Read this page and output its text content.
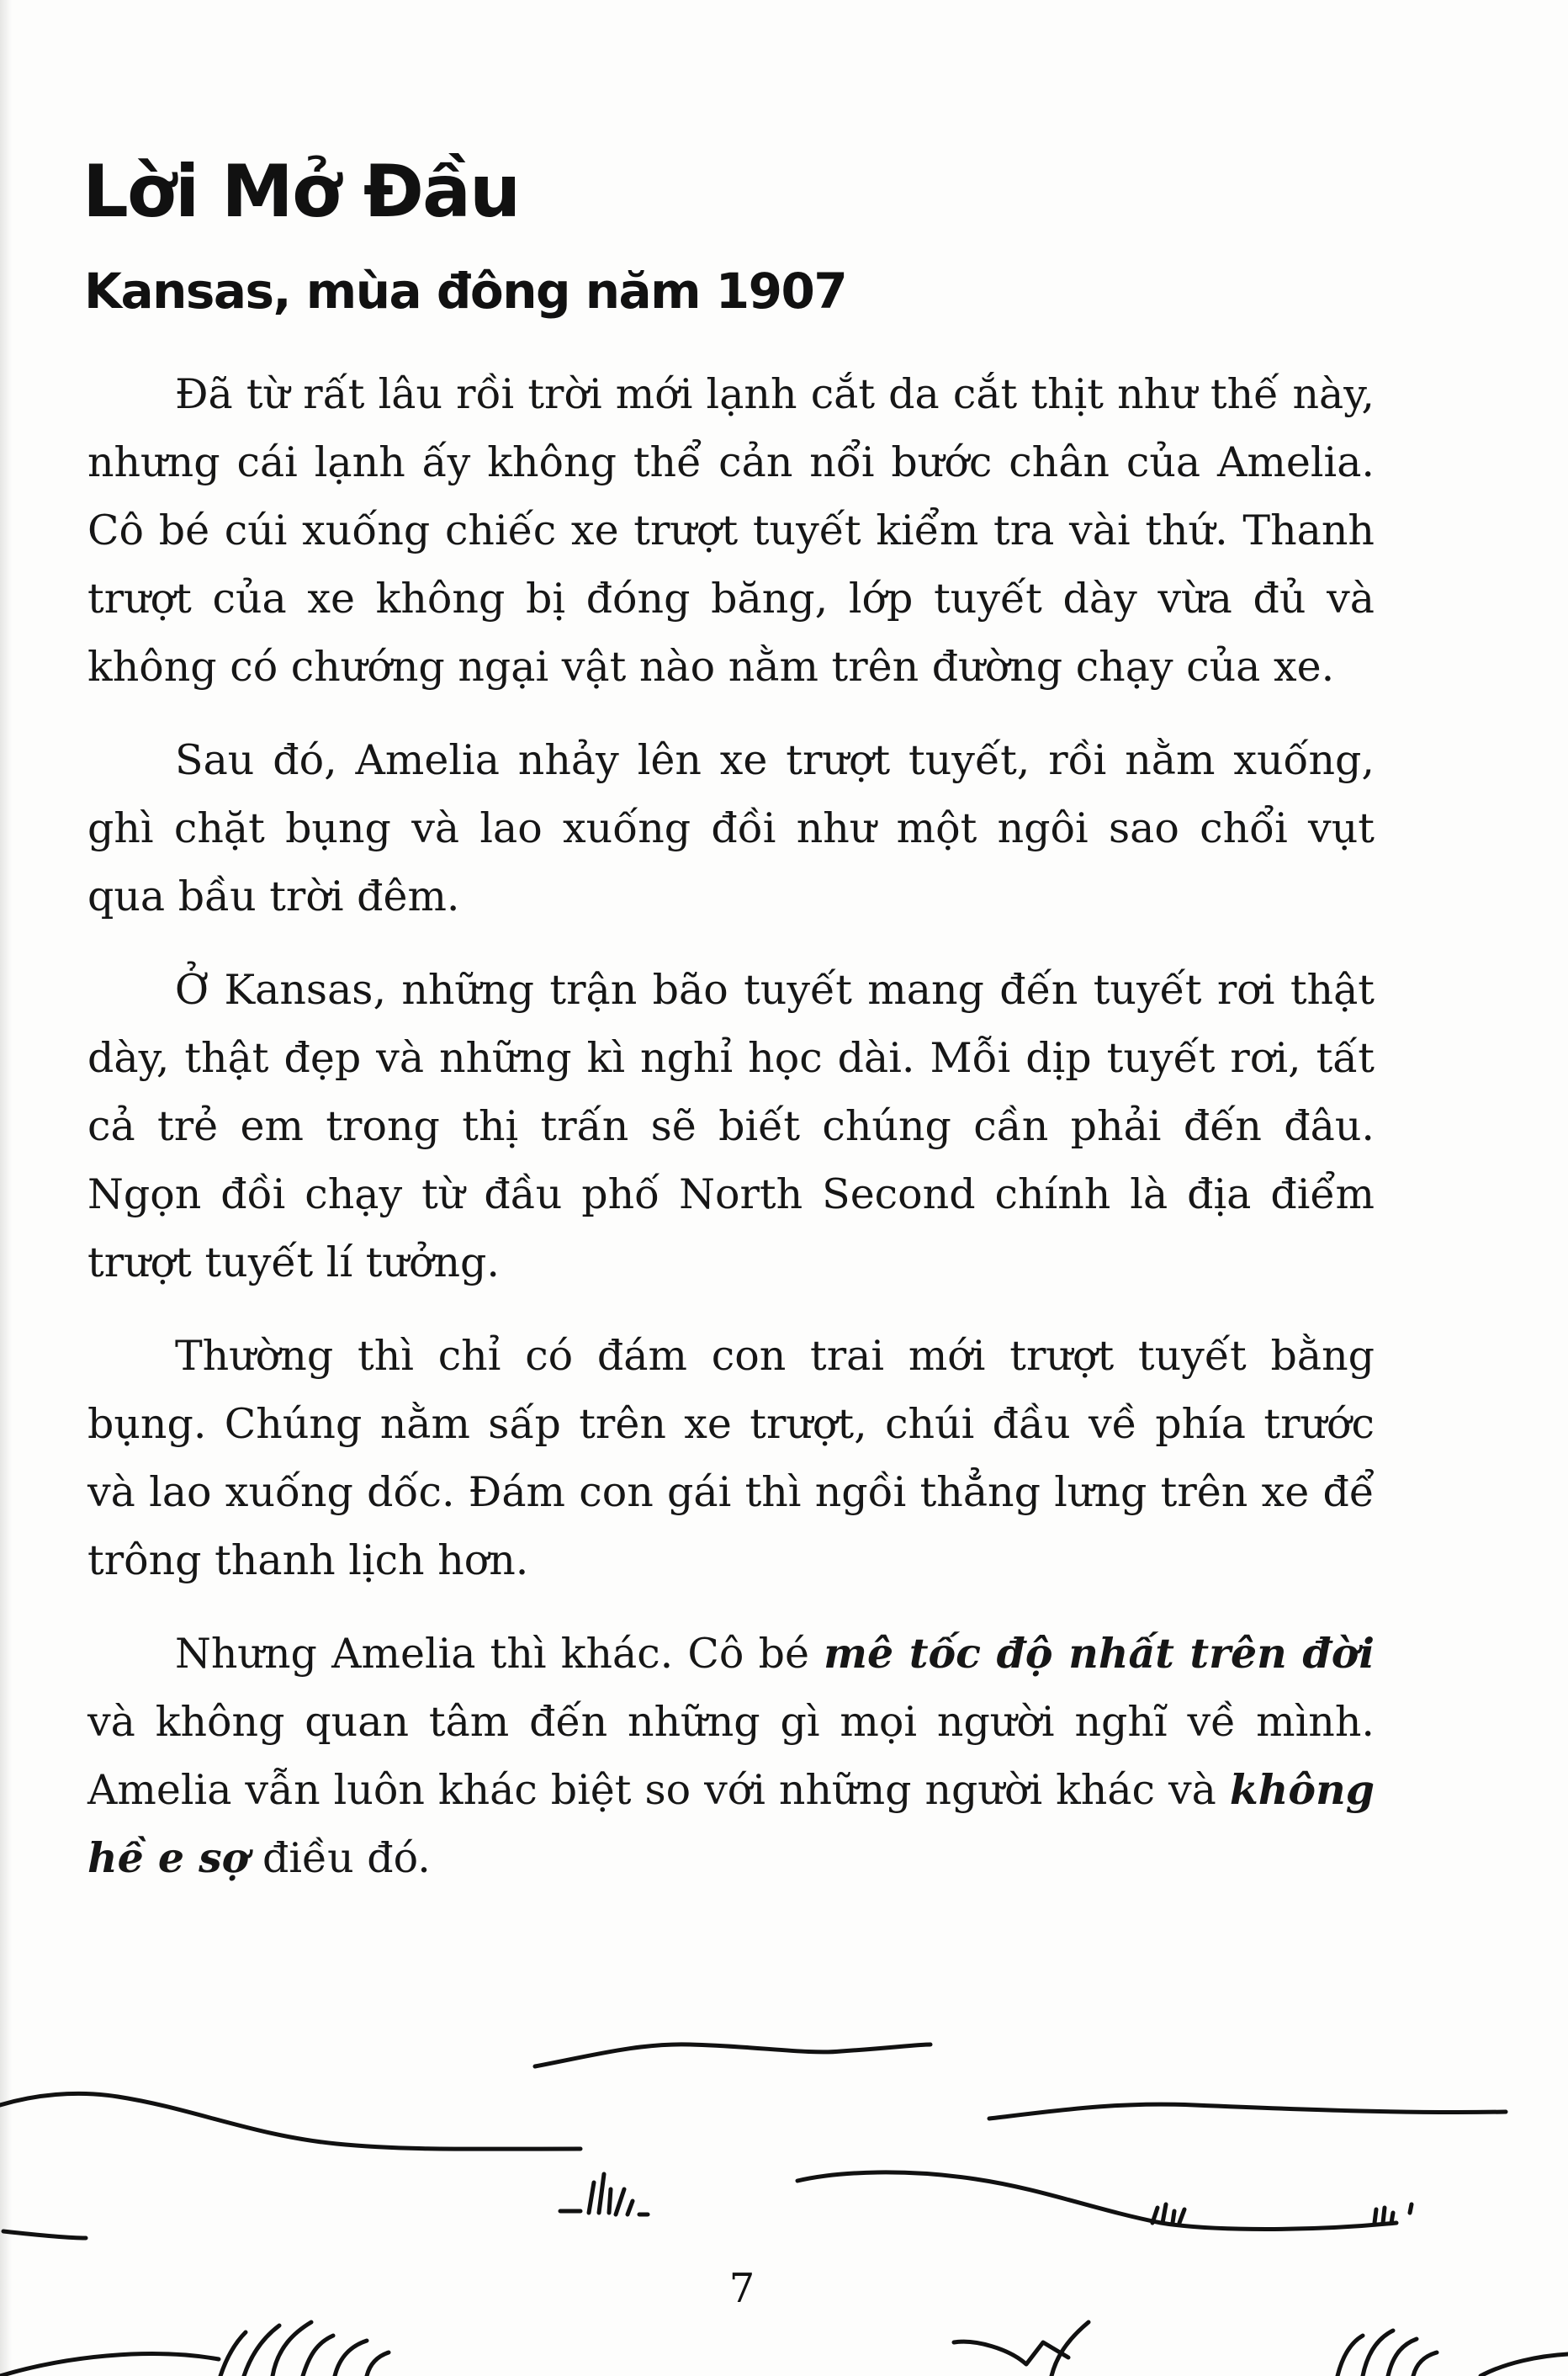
Lời Mở Đầu
Kansas, mùa đông năm 1907

Đã từ rất lâu rồi trời mới lạnh cắt da cắt thịt như thế này, nhưng cái lạnh ấy không thể cản nổi bước chân của Amelia. Cô bé cúi xuống chiếc xe trượt tuyết kiểm tra vài thứ. Thanh trượt của xe không bị đóng băng, lớp tuyết dày vừa đủ và không có chướng ngại vật nào nằm trên đường chạy của xe.

Sau đó, Amelia nhảy lên xe trượt tuyết, rồi nằm xuống, ghì chặt bụng và lao xuống đồi như một ngôi sao chổi vụt qua bầu trời đêm.

Ở Kansas, những trận bão tuyết mang đến tuyết rơi thật dày, thật đẹp và những kì nghỉ học dài. Mỗi dịp tuyết rơi, tất cả trẻ em trong thị trấn sẽ biết chúng cần phải đến đâu. Ngọn đồi chạy từ đầu phố North Second chính là địa điểm trượt tuyết lí tưởng.

Thường thì chỉ có đám con trai mới trượt tuyết bằng bụng. Chúng nằm sấp trên xe trượt, chúi đầu về phía trước và lao xuống dốc. Đám con gái thì ngồi thẳng lưng trên xe để trông thanh lịch hơn.

Nhưng Amelia thì khác. Cô bé mê tốc độ nhất trên đời và không quan tâm đến những gì mọi người nghĩ về mình. Amelia vẫn luôn khác biệt so với những người khác và không hề e sợ điều đó.

7
